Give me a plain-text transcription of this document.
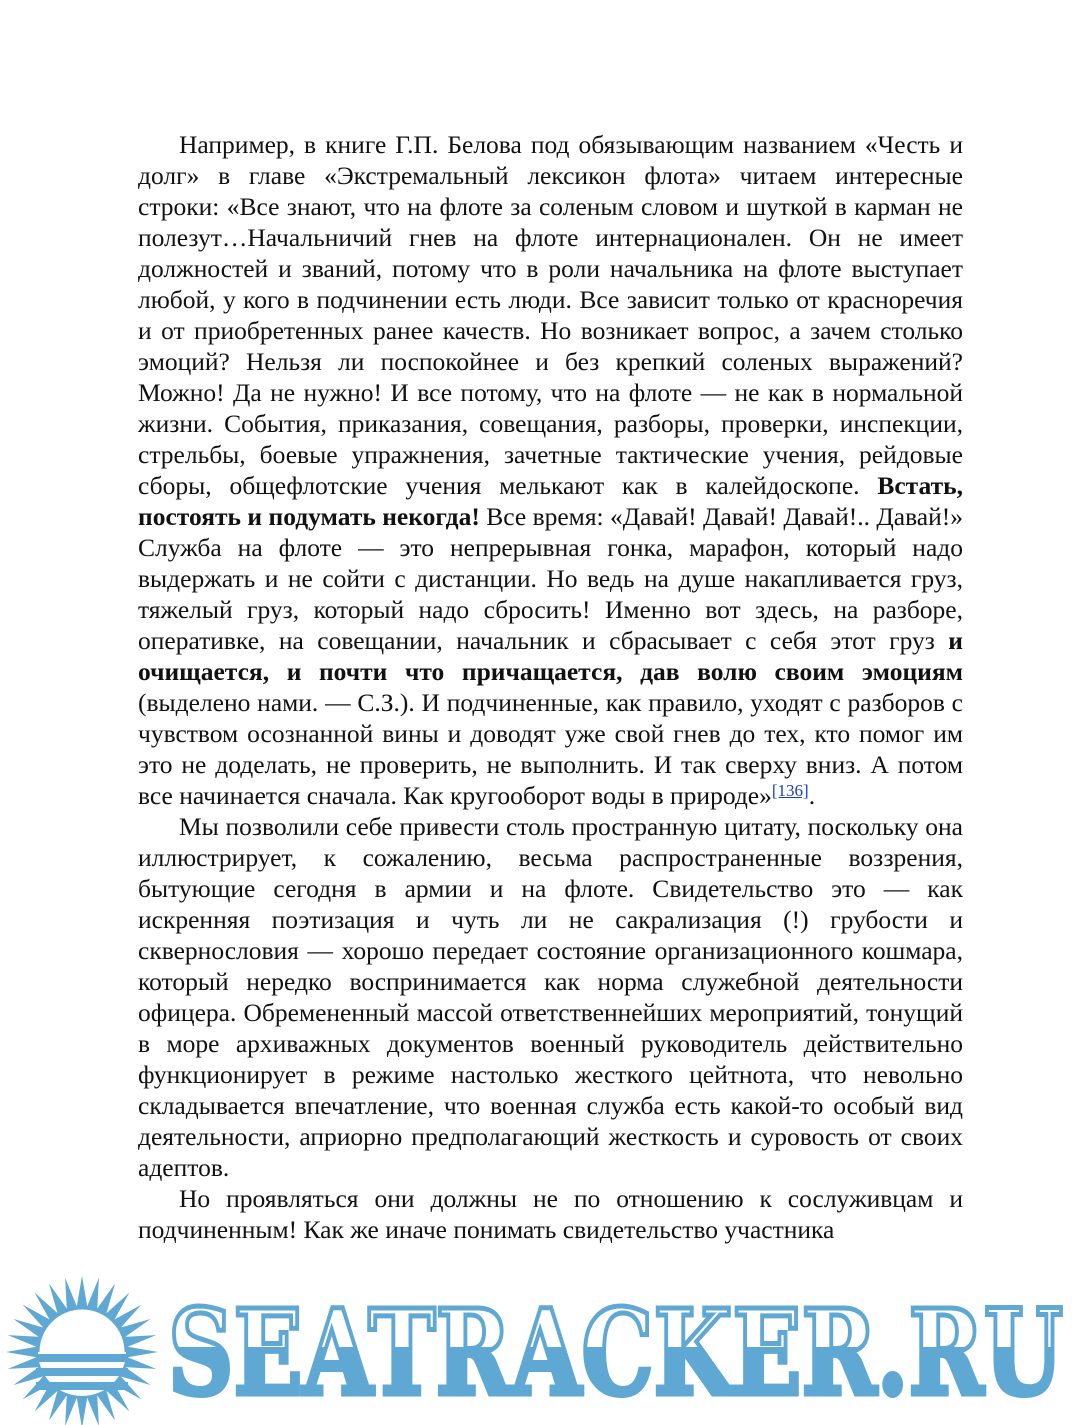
Например, в книге Г.П. Белова под обязывающим названием «Честь и долг» в главе «Экстремальный лексикон флота» читаем интересные строки: «Все знают, что на флоте за соленым словом и шуткой в карман не полезут…Начальничий гнев на флоте интернационален. Он не имеет должностей и званий, потому что в роли начальника на флоте выступает любой, у кого в подчинении есть люди. Все зависит только от красноречия и от приобретенных ранее качеств. Но возникает вопрос, а зачем столько эмоций? Нельзя ли поспокойнее и без крепкий соленых выражений? Можно! Да не нужно! И все потому, что на флоте — не как в нормальной жизни. События, приказания, совещания, разборы, проверки, инспекции, стрельбы, боевые упражнения, зачетные тактические учения, рейдовые сборы, общефлотские учения мелькают как в калейдоскопе. Встать, постоять и подумать некогда! Все время: «Давай! Давай! Давай!.. Давай!» Служба на флоте — это непрерывная гонка, марафон, который надо выдержать и не сойти с дистанции. Но ведь на душе накапливается груз, тяжелый груз, который надо сбросить! Именно вот здесь, на разборе, оперативке, на совещании, начальник и сбрасывает с себя этот груз и очищается, и почти что причащается, дав волю своим эмоциям (выделено нами. — С.З.). И подчиненные, как правило, уходят с разборов с чувством осознанной вины и доводят уже свой гнев до тех, кто помог им это не доделать, не проверить, не выполнить. И так сверху вниз. А потом все начинается сначала. Как кругооборот воды в природе»[136].

Мы позволили себе привести столь пространную цитату, поскольку она иллюстрирует, к сожалению, весьма распространенные воззрения, бытующие сегодня в армии и на флоте. Свидетельство это — как искренняя поэтизация и чуть ли не сакрализация (!) грубости и сквернословия — хорошо передает состояние организационного кошмара, который нередко воспринимается как норма служебной деятельности офицера. Обремененный массой ответственнейших мероприятий, тонущий в море архиважных документов военный руководитель действительно функционирует в режиме настолько жесткого цейтнота, что невольно складывается впечатление, что военная служба есть какой-то особый вид деятельности, априорно предполагающий жесткость и суровость от своих адептов.

Но проявляться они должны не по отношению к сослуживцам и подчиненным! Как же иначе понимать свидетельство участника

SEATRACKER.RU
